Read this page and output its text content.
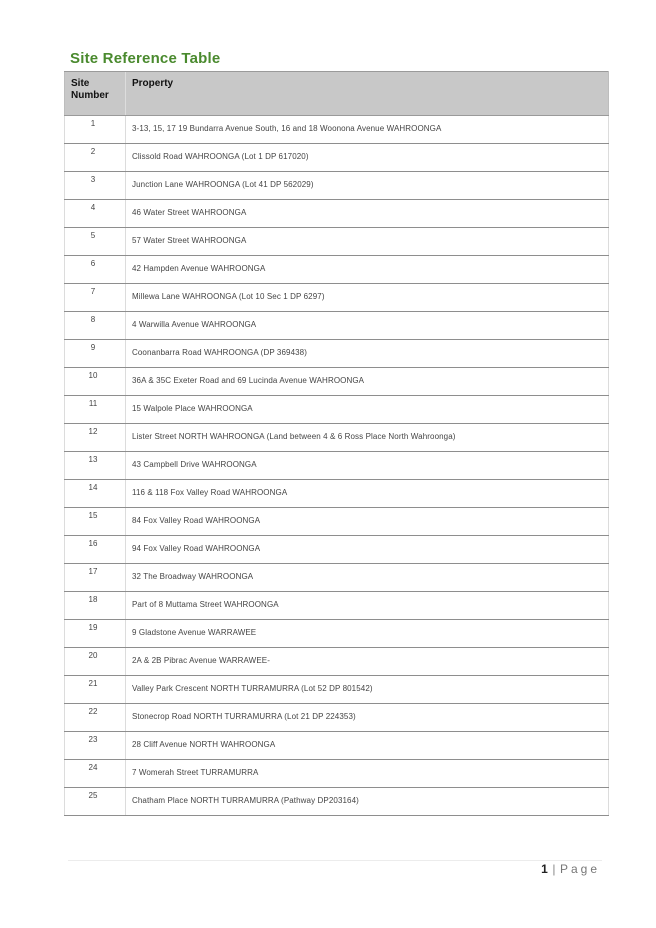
Site Reference Table
Site Number	Property
1	3-13, 15, 17 19 Bundarra Avenue South, 16 and 18 Woonona Avenue WAHROONGA
2	Clissold Road WAHROONGA (Lot 1 DP 617020)
3	Junction Lane WAHROONGA (Lot 41 DP 562029)
4	46 Water Street WAHROONGA
5	57 Water Street WAHROONGA
6	42 Hampden Avenue WAHROONGA
7	Millewa Lane WAHROONGA (Lot 10 Sec 1 DP 6297)
8	4 Warwilla Avenue WAHROONGA
9	Coonanbarra Road WAHROONGA (DP 369438)
10	36A & 35C Exeter Road and 69 Lucinda Avenue WAHROONGA
11	15 Walpole Place WAHROONGA
12	Lister Street NORTH WAHROONGA (Land between 4 & 6 Ross Place North Wahroonga)
13	43 Campbell Drive WAHROONGA
14	116 & 118 Fox Valley Road WAHROONGA
15	84 Fox Valley Road WAHROONGA
16	94 Fox Valley Road WAHROONGA
17	32 The Broadway WAHROONGA
18	Part of 8 Muttama Street WAHROONGA
19	9 Gladstone Avenue WARRAWEE
20	2A & 2B Pibrac Avenue WARRAWEE-
21	Valley Park Crescent NORTH TURRAMURRA (Lot 52 DP 801542)
22	Stonecrop Road NORTH TURRAMURRA (Lot 21 DP 224353)
23	28 Cliff Avenue NORTH WAHROONGA
24	7 Womerah Street TURRAMURRA
25	Chatham Place NORTH TURRAMURRA (Pathway DP203164)
1 | Page
